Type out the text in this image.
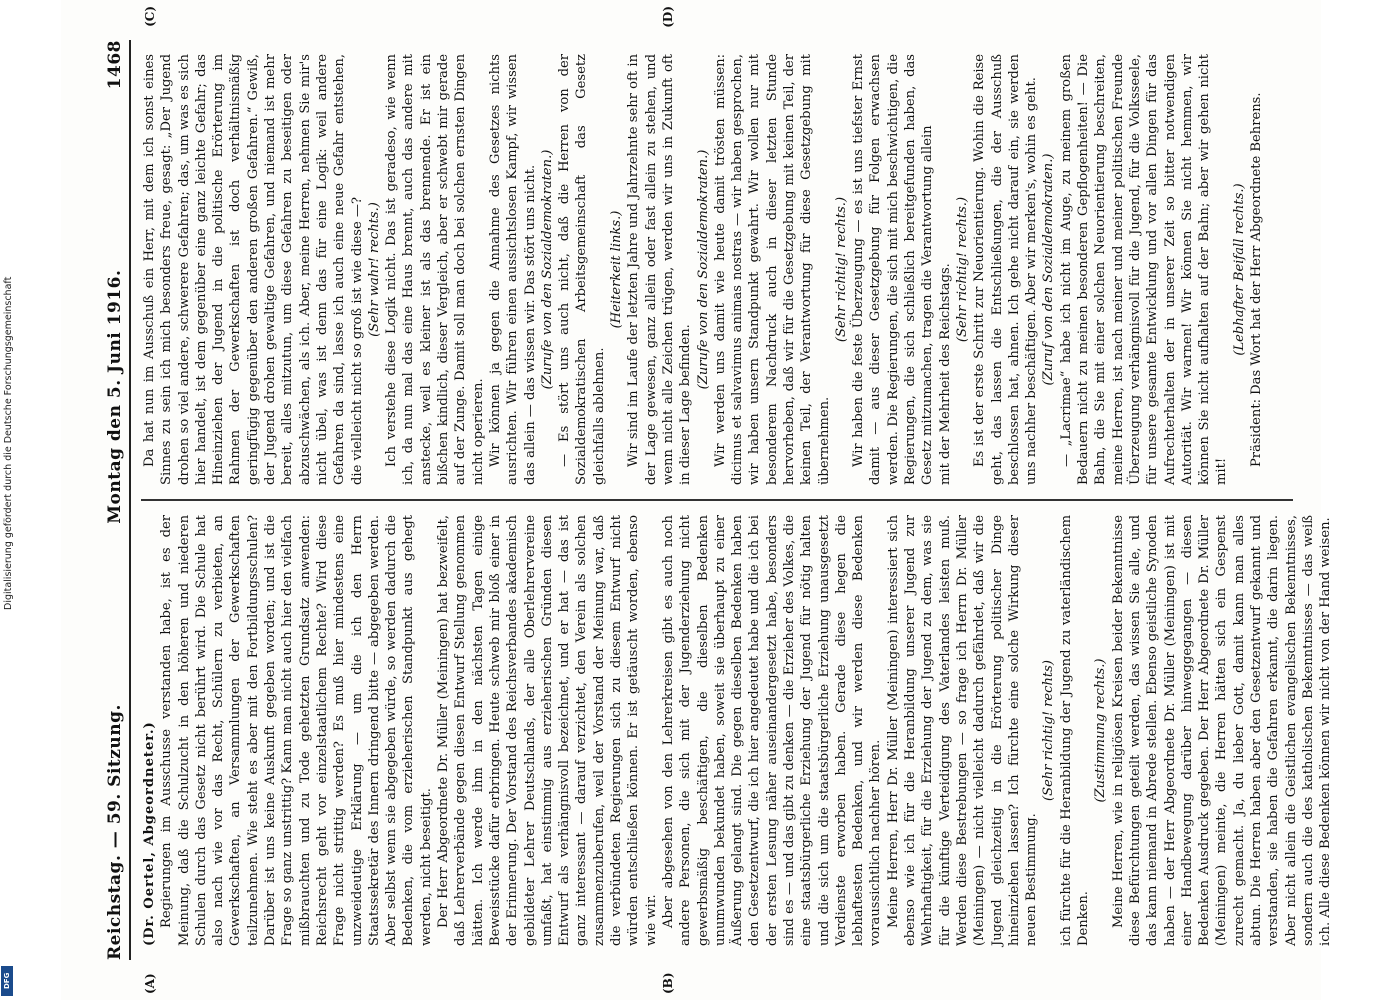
Reichstag. — 59. Sitzung.
Montag den 5. Juni 1916.
1468
(A)	(B)
(C)	(D)

(Dr. Oertel, Abgeordneter.) Regierungen im Ausschusse verstanden habe, ist es der Meinung, daß die Schulzucht in den höheren und niederen Schulen durch das Gesetz nicht berührt wird. Die Schule hat also nach wie vor das Recht, Schülern zu verbieten, an Gewerkschaften, an Versammlungen der Gewerkschaften teilzunehmen. Wie steht es aber mit den Fortbildungsschulen? Darüber ist uns keine Auskunft gegeben worden; und ist die Frage so ganz unstrittig? Kann man nicht auch hier den vielfach mißbrauchten und zu Tode gehetzten Grundsatz anwenden: Reichsrecht geht vor einzelstaatlichem Rechte? Wird diese Frage nicht strittig werden? Es muß hier mindestens eine unzweideutige Erklärung — um die ich den Herrn Staatssekretär des Innern dringend bitte — abgegeben werden. Aber selbst wenn sie abgegeben würde, so werden dadurch die Bedenken, die vom erzieherischen Standpunkt aus gehegt werden, nicht beseitigt. Der Herr Abgeordnete Dr. Müller (Meiningen) hat bezweifelt, daß Lehrerverbände gegen diesen Entwurf Stellung genommen hätten. Ich werde ihm in den nächsten Tagen einige Beweisstücke dafür erbringen. Heute schweb mir bloß einer in der Erinnerung. Der Vorstand des Reichsverbandes akademisch gebildeter Lehrer Deutschlands, der alle Oberlehrervereine umfaßt, hat einstimmig aus erzieherischen Gründen diesen Entwurf als verhängnisvoll bezeichnet, und er hat — das ist ganz interessant — darauf verzichtet, den Verein als solchen zusammenzuberufen, weil der Vorstand der Meinung war, daß die verbündeten Regierungen sich zu diesem Entwurf nicht würden entschließen können. Er ist getäuscht worden, ebenso wie wir. Aber abgesehen von den Lehrerkreisen gibt es auch noch andere Personen, die sich mit der Jugenderziehung nicht gewerbsmäßig beschäftigen, die dieselben Bedenken unumwunden bekundet haben, soweit sie überhaupt zu einer Äußerung gelangt sind. Die gegen dieselben Bedenken haben den Gesetzentwurf, die ich hier angedeutet habe und die ich bei der ersten Lesung näher auseinandergesetzt habe, besonders sind es — und das gibt zu denken — die Erzieher des Volkes, die eine staatsbürgerliche Erziehung der Jugend für nötig halten und die sich um die staatsbürgerliche Erziehung unausgesetzt Verdienste erworben haben. Gerade diese hegen die lebhaftesten Bedenken, und wir werden diese Bedenken voraussichtlich nachher hören. Meine Herren, Herr Dr. Müller (Meiningen) interessiert sich ebenso wie ich für die Heranbildung unserer Jugend zur Wehrhaftigkeit, für die Erziehung der Jugend zu dem, was sie für die künftige Verteidigung des Vaterlandes leisten muß. Werden diese Bestrebungen — so frage ich Herrn Dr. Müller (Meiningen) — nicht vielleicht dadurch gefährdet, daß wir die Jugend gleichzeitig in die Erörterung politischer Dinge hineinziehen lassen? Ich fürchte eine solche Wirkung dieser neuen Bestimmung.

(Sehr richtig! rechts) ich fürchte für die Heranbildung der Jugend zu vaterländischem Denken.

(Zustimmung rechts.) Meine Herren, wie in religiösen Kreisen beider Bekenntnisse diese Befürchtungen geteilt werden, das wissen Sie alle, und das kann niemand in Abrede stellen. Ebenso geistliche Synoden haben — der Herr Abgeordnete Dr. Müller (Meiningen) ist mit einer Handbewegung darüber hinweggegangen — diesen Bedenken Ausdruck gegeben. Der Herr Abgeordnete Dr. Müller (Meiningen) meinte, die Herren hätten sich ein Gespenst zurecht gemacht. Ja, du lieber Gott, damit kann man alles abtun. Die Herren haben aber den Gesetzentwurf gekannt und verstanden, sie haben die Gefahren erkannt, die darin liegen. Aber nicht allein die Geistlichen evangelischen Bekenntnisses, sondern auch die des katholischen Bekenntnisses — das weiß ich. Alle diese Bedenken können wir nicht von der Hand weisen.

Da hat nun im Ausschuß ein Herr, mit dem ich sonst eines Sinnes zu sein ich mich besonders freue, gesagt: „Der Jugend drohen so viel andere, schwerere Gefahren; das, um was es sich hier handelt, ist dem gegenüber eine ganz leichte Gefahr; das Hineinziehen der Jugend in die politische Erörterung im Rahmen der Gewerkschaften ist doch verhältnismäßig geringfügig gegenüber den anderen großen Gefahren.“ Gewiß, der Jugend drohen gewaltige Gefahren, und niemand ist mehr bereit, alles mitzutun, um diese Gefahren zu beseitigen oder abzuschwächen, als ich. Aber, meine Herren, nehmen Sie mir's nicht übel, was ist denn das für eine Logik: weil andere Gefahren da sind, lasse ich auch eine neue Gefahr entstehen, die vielleicht nicht so groß ist wie diese —? (Sehr wahr! rechts.) Ich verstehe diese Logik nicht. Das ist geradeso, wie wenn ich, da nun mal das eine Haus brennt, auch das andere mit anstecke, weil es kleiner ist als das brennende. Er ist ein bißchen kindlich, dieser Vergleich, aber er schwebt mir gerade auf der Zunge. Damit soll man doch bei solchen ernsten Dingen nicht operieren. Wir können ja gegen die Annahme des Gesetzes nichts ausrichten. Wir führen einen aussichtslosen Kampf, wir wissen das allein — das wissen wir. Das stört uns nicht. (Zurufe von den Sozialdemokraten.) — Es stört uns auch nicht, daß die Herren von der Sozialdemokratischen Arbeitsgemeinschaft das Gesetz gleichfalls ablehnen.

(Heiterkeit links.) Wir sind im Laufe der letzten Jahre und Jahrzehnte sehr oft in der Lage gewesen, ganz allein oder fast allein zu stehen, und wenn nicht alle Zeichen trügen, werden wir uns in Zukunft oft in dieser Lage befinden.

(Zurufe von den Sozialdemokraten.) Wir werden uns damit wie heute damit trösten müssen: dicimus et salvavimus animas nostras — wir haben gesprochen, wir haben unsern Standpunkt gewahrt. Wir wollen nur mit besonderem Nachdruck auch in dieser letzten Stunde hervorheben, daß wir für die Gesetzgebung mit keinen Teil, der keinen Teil, der Verantwortung für diese Gesetzgebung mit übernehmen.

(Sehr richtig! rechts.) Wir haben die feste Überzeugung — es ist uns tiefster Ernst damit — aus dieser Gesetzgebung für Folgen erwachsen werden. Die Regierungen, die sich mit mich beschwichtigen, die Regierungen, die sich schließlich bereitgefunden haben, das Gesetz mitzumachen, tragen die Verantwortung allein mit der Mehrheit des Reichstags. (Sehr richtig! rechts.) Es ist der erste Schritt zur Neuorientierung. Wohin die Reise geht, das lassen die Entschließungen, die der Ausschuß beschlossen hat, ahnen. Ich gehe nicht darauf ein, sie werden uns nachher beschäftigen. Aber wir merken's, wohin es geht. (Zuruf von den Sozialdemokraten.) — „Lacrimae“ habe ich nicht im Auge, zu meinem großen Bedauern nicht zu meinen besonderen Gepflogenheiten! — Die Bahn, die Sie mit einer solchen Neuorientierung beschreiten, meine Herren, ist nach meiner und meiner politischen Freunde Überzeugung verhängnisvoll für die Jugend, für die Volksseele, für unsere gesamte Entwicklung und vor allen Dingen für das Aufrechterhalten der in unserer Zeit so bitter notwendigen Autorität. Wir warnen! Wir können Sie nicht hemmen, wir können Sie nicht aufhalten auf der Bahn; aber wir gehen nicht mit!

(Lebhafter Beifall rechts.) Präsident: Das Wort hat der Herr Abgeordnete Behrens.

Digitalisierung gefördert durch die Deutsche Forschungsgemeinschaft
DFG
